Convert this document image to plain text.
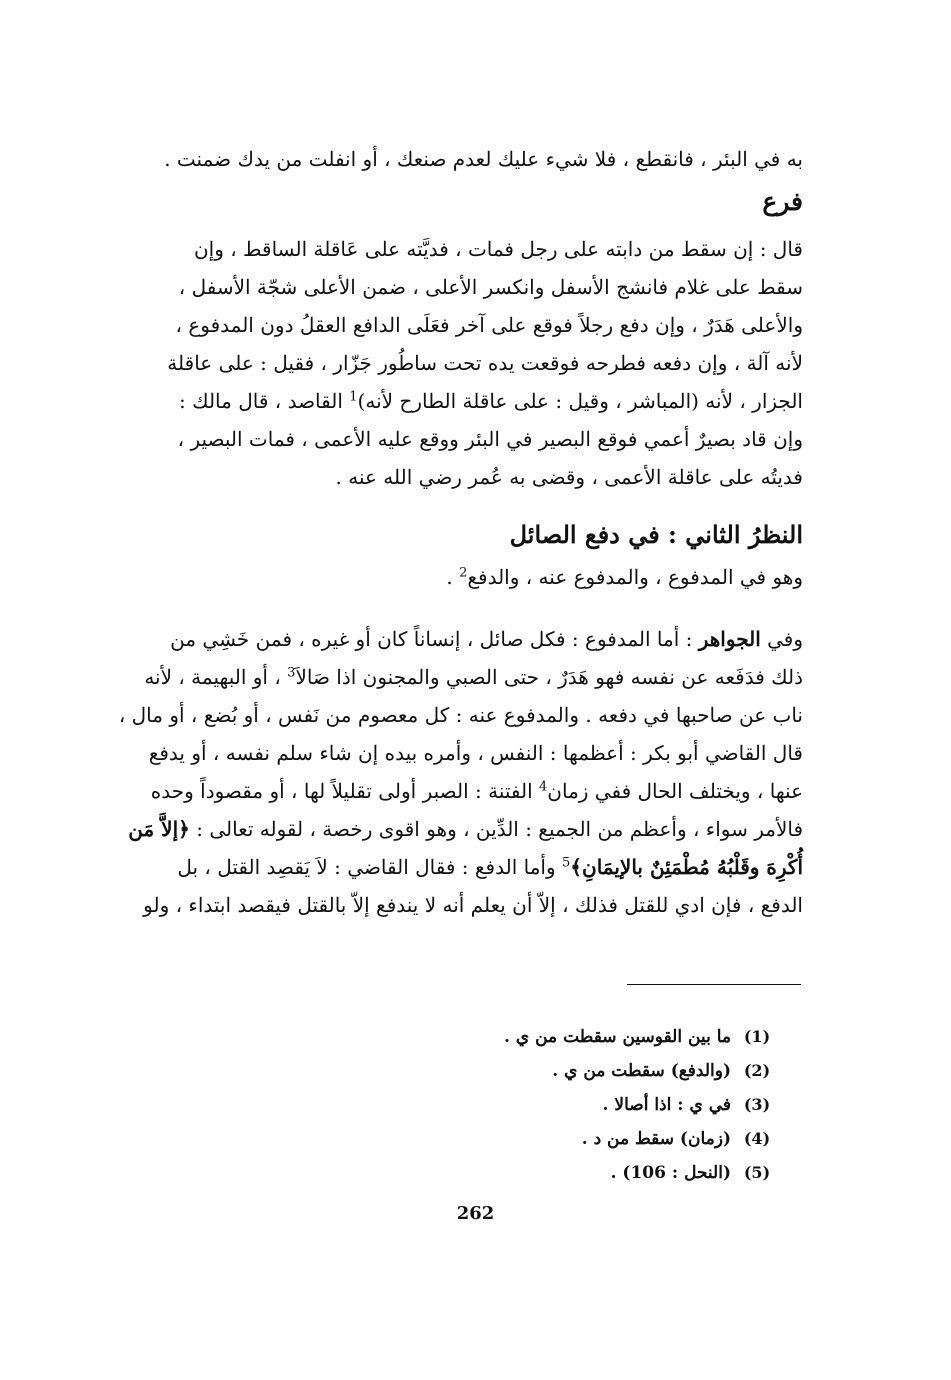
به في البئر ، فانقطع ، فلا شيء عليك لعدم صنعك ، أو انفلت من يدك ضمنت .
فرع
قال : إن سقط من دابته على رجل فمات ، فديَّته على عَاقلة الساقط ، وإن
سقط على غلام فانشج الأسفل وانكسر الأعلى ، ضمن الأعلى شجّة الأسفل ،
والأعلى هَدَرٌ ، وإن دفع رجلاً فوقع على آخر فعَلَى الدافع العقلُ دون المدفوع ،
لأنه آلة ، وإن دفعه فطرحه فوقعت يده تحت ساطُور جَزّار ، فقيل : على عاقلة
الجزار ، لأنه (المباشر ، وقيل : على عاقلة الطارح لأنه)$^1$ القاصد ، قال مالك :
وإن قاد بصيرٌ أعمي فوقع البصير في البئر ووقع عليه الأعمى ، فمات البصير ،
فديتُه على عاقلة الأعمى ، وقضى به عُمر رضي الله عنه .
النظرُ الثاني : في دفع الصائل
وهو في المدفوع ، والمدفوع عنه ، والدفع$^2$ .
وفي الجواهر : أما المدفوع : فكل صائل ، إنساناً كان أو غيره ، فمن خَشِي من
ذلك فدَفَعه عن نفسه فهو هَدَرٌ ، حتى الصبي والمجنون اذا صَالاَ$^3$ ، أو البهيمة ، لأنه
ناب عن صاحبها في دفعه . والمدفوع عنه : كل معصوم من نَفس ، أو بُضع ، أو مال ،
قال القاضي أبو بكر : أعظمها : النفس ، وأمره بيده إن شاء سلم نفسه ، أو يدفع
عنها ، ويختلف الحال ففي زمان$^4$ الفتنة : الصبر أولى تقليلاً لها ، أو مقصوداً وحده
فالأمر سواء ، وأعظم من الجميع : الدِّين ، وهو اقوى رخصة ، لقوله تعالى : ﴿إلاَّ مَن
أُكْرِهَ وقَلْبُهُ مُطْمَئِنٌ بالإيمَانِ﴾$^5$ وأما الدفع : فقال القاضي : لاَ يَقصِد القتل ، بل
الدفع ، فإن ادي للقتل فذلك ، إلاّ أن يعلم أنه لا يندفع إلاّ بالقتل فيقصد ابتداء ، ولو
(1)
ما بين القوسين سقطت من ي .
(2)
(والدفع) سقطت من ي .
(3)
في ي : اذا أصالا .
(4)
(زمان) سقط من د .
(5)
(النحل : 106) .
262
